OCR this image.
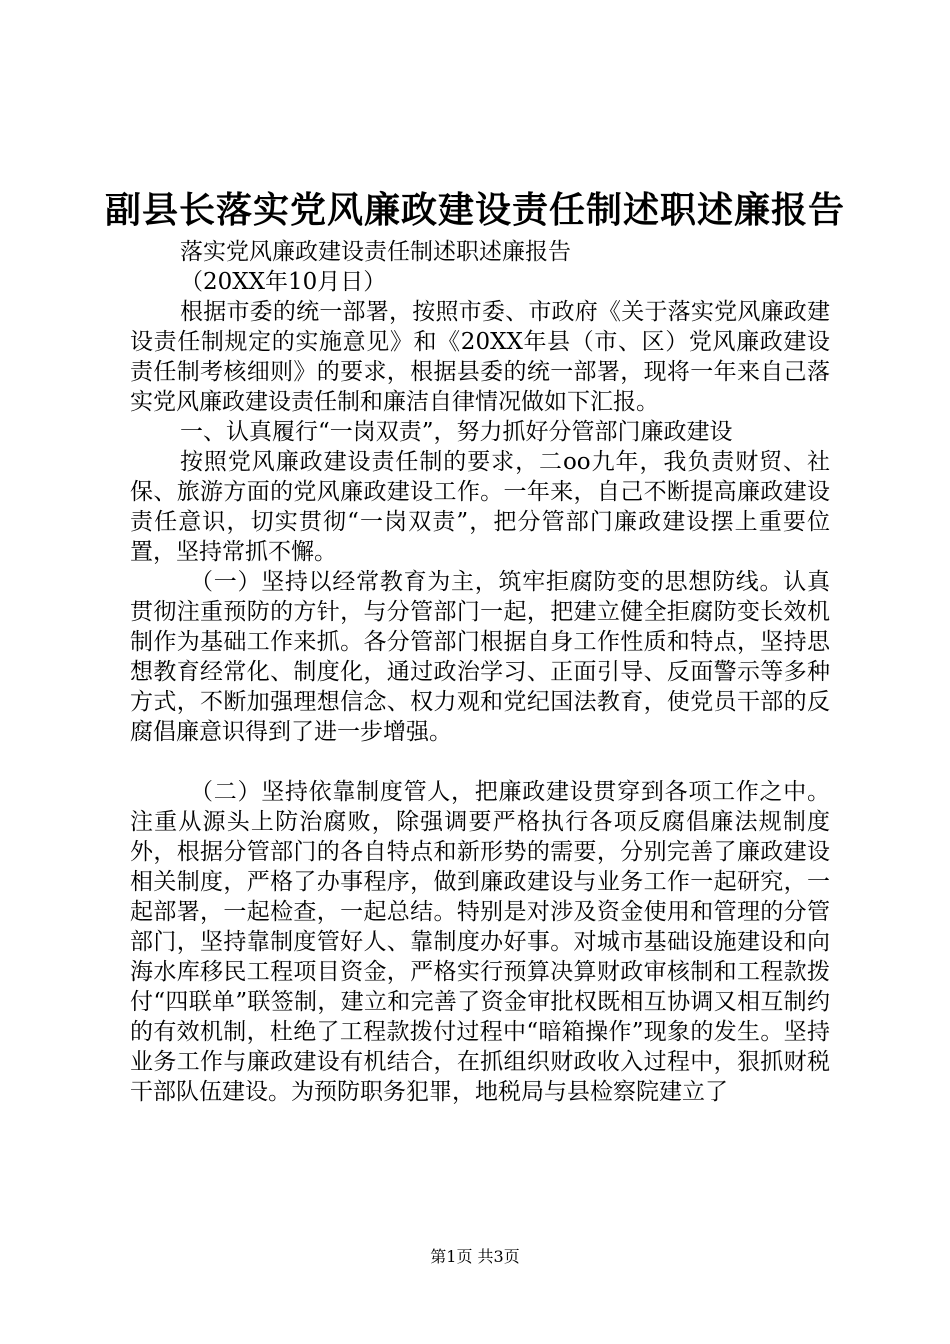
副县长落实党风廉政建设责任制述职述廉报告

落实党风廉政建设责任制述职述廉报告

（20XX年10月日）

根据市委的统一部署，按照市委、市政府《关于落实党风廉政建设责任制规定的实施意见》和《20XX年县（市、区）党风廉政建设责任制考核细则》的要求，根据县委的统一部署，现将一年来自己落实党风廉政建设责任制和廉洁自律情况做如下汇报。

一、认真履行“一岗双责”，努力抓好分管部门廉政建设

按照党风廉政建设责任制的要求，二oo九年，我负责财贸、社保、旅游方面的党风廉政建设工作。一年来，自己不断提高廉政建设责任意识，切实贯彻“一岗双责”，把分管部门廉政建设摆上重要位置，坚持常抓不懈。

（一）坚持以经常教育为主，筑牢拒腐防变的思想防线。认真贯彻注重预防的方针，与分管部门一起，把建立健全拒腐防变长效机制作为基础工作来抓。各分管部门根据自身工作性质和特点，坚持思想教育经常化、制度化，通过政治学习、正面引导、反面警示等多种方式，不断加强理想信念、权力观和党纪国法教育，使党员干部的反腐倡廉意识得到了进一步增强。

（二）坚持依靠制度管人，把廉政建设贯穿到各项工作之中。注重从源头上防治腐败，除强调要严格执行各项反腐倡廉法规制度外，根据分管部门的各自特点和新形势的需要，分别完善了廉政建设相关制度，严格了办事程序，做到廉政建设与业务工作一起研究，一起部署，一起检查，一起总结。特别是对涉及资金使用和管理的分管部门，坚持靠制度管好人、靠制度办好事。对城市基础设施建设和向海水库移民工程项目资金，严格实行预算决算财政审核制和工程款拨付“四联单”联签制，建立和完善了资金审批权既相互协调又相互制约的有效机制，杜绝了工程款拨付过程中“暗箱操作”现象的发生。坚持业务工作与廉政建设有机结合，在抓组织财政收入过程中，狠抓财税干部队伍建设。为预防职务犯罪，地税局与县检察院建立了

第1页 共3页
